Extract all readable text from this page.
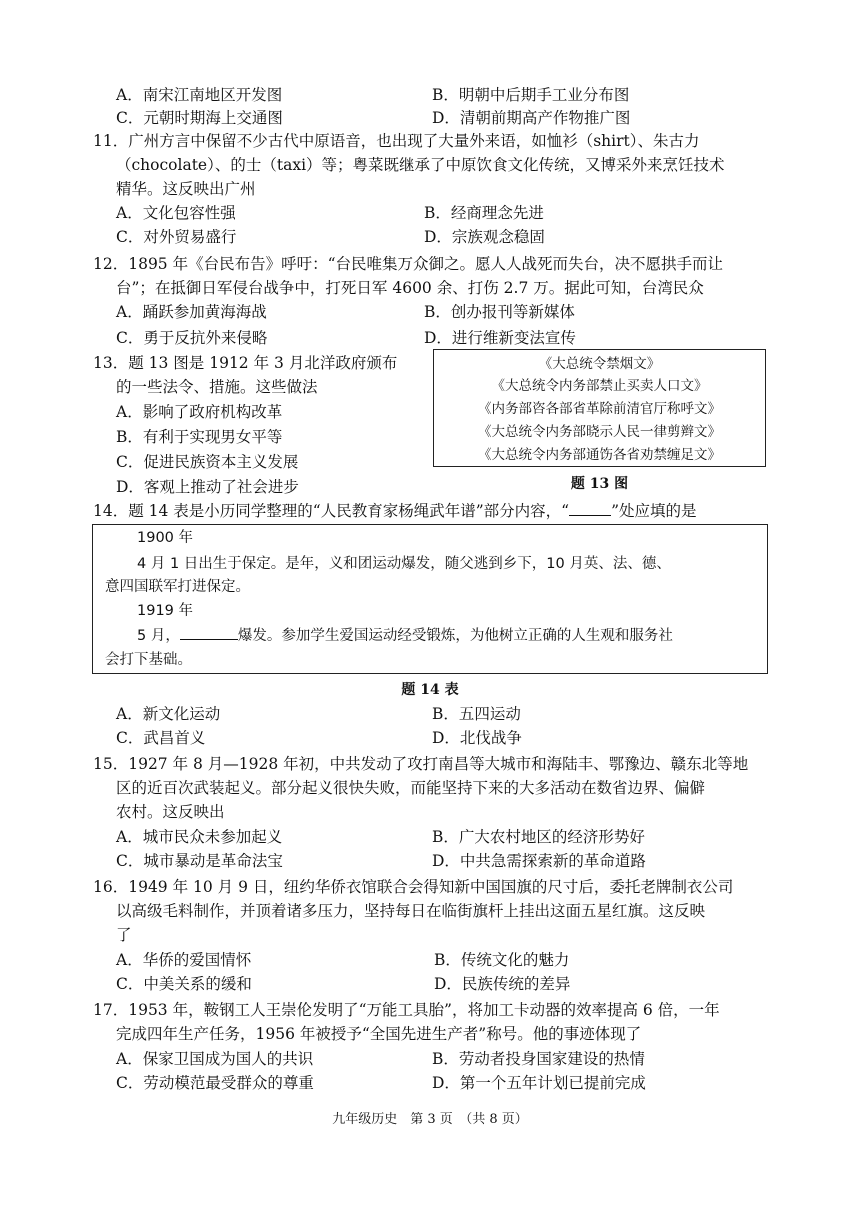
A．南宋江南地区开发图	B．明朝中后期手工业分布图
C．元朝时期海上交通图	D．清朝前期高产作物推广图
11．广州方言中保留不少古代中原语音，也出现了大量外来语，如恤衫（shirt）、朱古力
（chocolate）、的士（taxi）等；粤菜既继承了中原饮食文化传统，又博采外来烹饪技术
精华。这反映出广州
A．文化包容性强	B．经商理念先进
C．对外贸易盛行	D．宗族观念稳固
12．1895 年《台民布告》呼吁：“台民唯集万众御之。愿人人战死而失台，决不愿拱手而让
台”；在抵御日军侵台战争中，打死日军 4600 余、打伤 2.7 万。据此可知，台湾民众
A．踊跃参加黄海海战	B．创办报刊等新媒体
C．勇于反抗外来侵略	D．进行维新变法宣传
13．题 13 图是 1912 年 3 月北洋政府颁布
的一些法令、措施。这些做法
A．影响了政府机构改革
B．有利于实现男女平等
C．促进民族资本主义发展
D．客观上推动了社会进步
《大总统令禁烟文》
《大总统令内务部禁止买卖人口文》
《内务部咨各部省革除前清官厅称呼文》
《大总统令内务部晓示人民一律剪辫文》
《大总统令内务部通饬各省劝禁缠足文》
题 13 图
14．题 14 表是小历同学整理的“人民教育家杨绳武年谱”部分内容，“	”处应填的是
1900 年
4 月 1 日出生于保定。是年，义和团运动爆发，随父逃到乡下，10 月英、法、德、
意四国联军打进保定。
1919 年
5 月，	爆发。参加学生爱国运动经受锻炼，为他树立正确的人生观和服务社
会打下基础。
题 14 表
A．新文化运动	B．五四运动
C．武昌首义	D．北伐战争
15．1927 年 8 月—1928 年初，中共发动了攻打南昌等大城市和海陆丰、鄂豫边、赣东北等地
区的近百次武装起义。部分起义很快失败，而能坚持下来的大多活动在数省边界、偏僻
农村。这反映出
A．城市民众未参加起义	B．广大农村地区的经济形势好
C．城市暴动是革命法宝	D．中共急需探索新的革命道路
16．1949 年 10 月 9 日，纽约华侨衣馆联合会得知新中国国旗的尺寸后，委托老牌制衣公司
以高级毛料制作，并顶着诸多压力，坚持每日在临街旗杆上挂出这面五星红旗。这反映
了
A．华侨的爱国情怀	B．传统文化的魅力
C．中美关系的缓和	D．民族传统的差异
17．1953 年，鞍钢工人王崇伦发明了“万能工具胎”，将加工卡动器的效率提高 6 倍，一年
完成四年生产任务，1956 年被授予“全国先进生产者”称号。他的事迹体现了
A．保家卫国成为国人的共识	B．劳动者投身国家建设的热情
C．劳动模范最受群众的尊重	D．第一个五年计划已提前完成
九年级历史　第 3 页　（共 8 页）
